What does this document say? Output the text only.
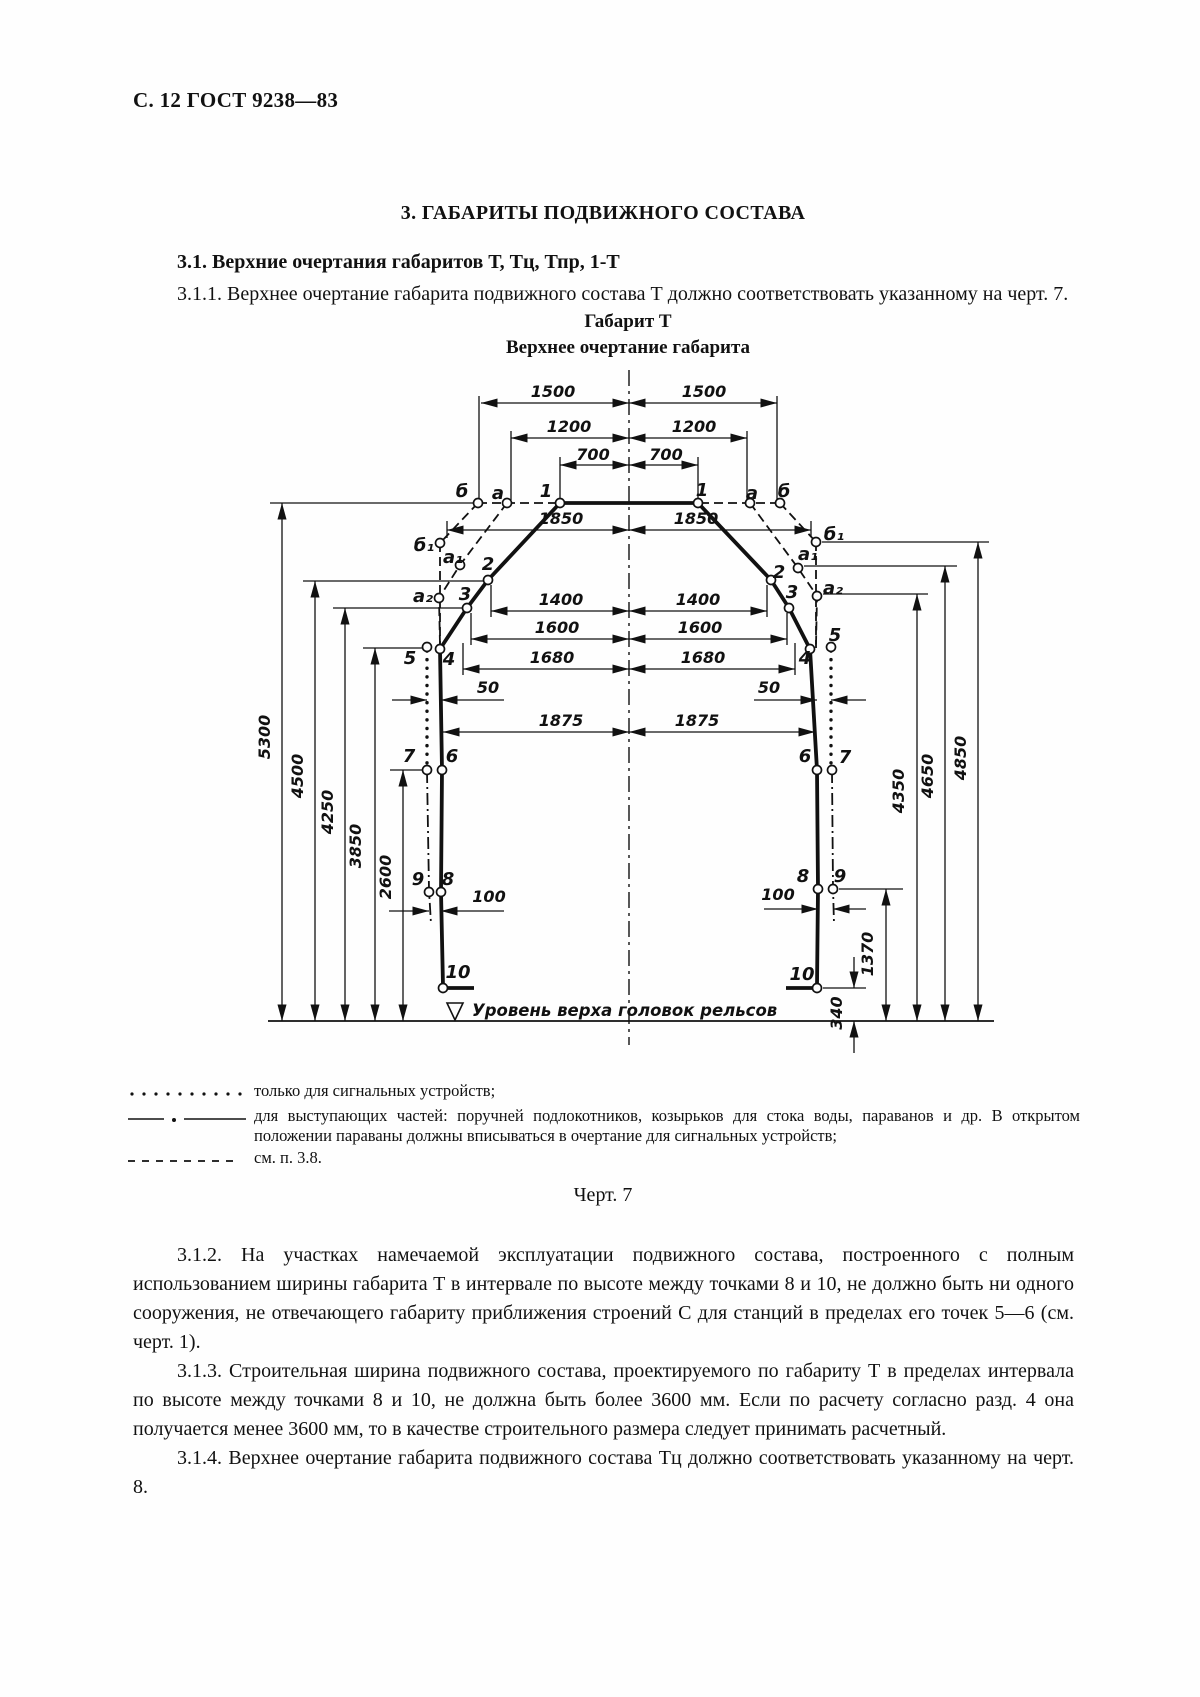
С. 12 ГОСТ 9238—83
3. ГАБАРИТЫ ПОДВИЖНОГО СОСТАВА
3.1. Верхние очертания габаритов Т, Тц, Тпр, 1-Т

3.1.1. Верхнее очертание габарита подвижного состава Т должно соответствовать указанному на черт. 7.

Габарит Т
Верхнее очертание габарита
1500	1500
1200	1200
700 700
1850	1850
1400	1400
1600	1600
1680	1680
50	50
1875	1875
100	100
5300
4500
4250
3850
2600
4350 4650 4850
1370
340
б а 1	1 а б
б₁
а₁ 2
а₂ 3
б₁
а₁
2
а₂
3
5 4
5
4
7 6	6 7
9 8	8 9
10	10
Уровень верха головок рельсов
только для сигнальных устройств;
для выступающих частей: поручней подлокотников, козырьков для стока воды, параванов и др. В открытом положении параваны должны вписываться в очертание для сигнальных устройств;
см. п. 3.8.
Черт. 7

3.1.2. На участках намечаемой эксплуатации подвижного состава, построенного с полным использованием ширины габарита Т в интервале по высоте между точками 8 и 10, не должно быть ни одного сооружения, не отвечающего габариту приближения строений С для станций в пределах его точек 5—6 (см. черт. 1).

3.1.3. Строительная ширина подвижного состава, проектируемого по габариту Т в пределах интервала по высоте между точками 8 и 10, не должна быть более 3600 мм. Если по расчету согласно разд. 4 она получается менее 3600 мм, то в качестве строительного размера следует принимать расчетный.

3.1.4. Верхнее очертание габарита подвижного состава Тц должно соответствовать указанному на черт. 8.
